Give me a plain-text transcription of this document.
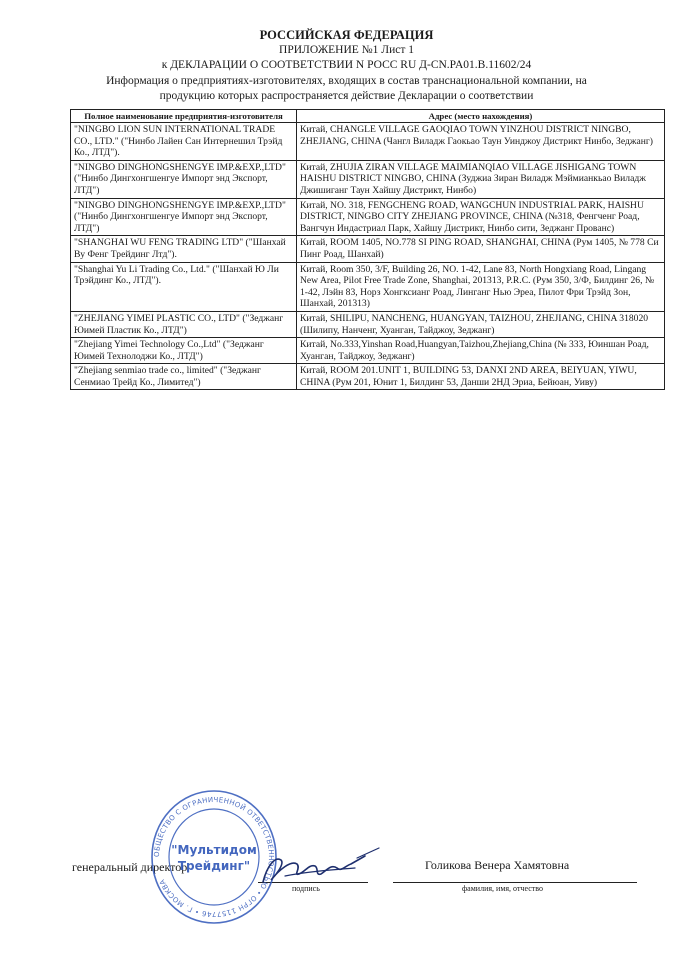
РОССИЙСКАЯ ФЕДЕРАЦИЯ
ПРИЛОЖЕНИЕ №1 Лист 1
к ДЕКЛАРАЦИИ О СООТВЕТСТВИИ N РОСС RU Д-CN.PA01.B.11602/24
Информация о предприятиях-изготовителях, входящих в состав транснациональной компании, на
продукцию которых распространяется действие Декларации о соответствии
Полное наименование предприятия-изготовителя	Адрес (место нахождения)
"NINGBO LION SUN INTERNATIONAL TRADE CO., LTD." ("Нинбо Лайен Сан Интернешил Трэйд Ко., ЛТД").	Китай, CHANGLE VILLAGE GAOQIAO TOWN YINZHOU DISTRICT NINGBO, ZHEJIANG, CHINA (Чангл Виладж Гаокьао Таун Уинджоу Дистрикт Нинбо, Зеджанг)
"NINGBO DINGHONGSHENGYE IMP.&EXP.,LTD" ("Нинбо Дингхонгшенгуе Импорт энд Экспорт, ЛТД")	Китай, ZHUJIA ZIRAN VILLAGE MAIMIANQIAO VILLAGE JISHIGANG TOWN HAISHU DISTRICT NINGBO, CHINA (Зуджиа Зиран Виладж Мэймианкьао Виладж Джишиганг Таун Хайшу Дистрикт, Нинбо)
"NINGBO DINGHONGSHENGYE IMP.&EXP.,LTD" ("Нинбо Дингхонгшенгуе Импорт энд Экспорт, ЛТД")	Китай, NO. 318, FENGCHENG ROAD, WANGCHUN INDUSTRIAL PARK, HAISHU DISTRICT, NINGBO CITY ZHEJIANG PROVINCE, CHINA (№318, Фенгченг Роад, Вангчун Индастриал Парк, Хайшу Дистрикт, Нинбо сити, Зеджанг Прованс)
"SHANGHAI WU FENG TRADING LTD" ("Шанхай Ву Фенг Трейдинг Лтд").	Китай, ROOM 1405, NO.778 SI PING ROAD, SHANGHAI, CHINA (Рум 1405, № 778 Си Пинг Роад, Шанхай)
"Shanghai Yu Li Trading Co., Ltd." ("Шанхай Ю Ли Трэйдинг Ко., ЛТД").	Китай, Room 350, 3/F, Building 26, NO. 1-42, Lane 83, North Hongxiang Road, Lingang New Area, Pilot Free Trade Zone, Shanghai, 201313, P.R.C. (Рум 350, 3/Ф, Билдинг 26, № 1-42, Лэйн 83, Норз Хонгксианг Роад, Линганг Нью Эреа, Пилот Фри Трэйд Зон, Шанхай, 201313)
"ZHEJIANG YIMEI PLASTIC CO., LTD" ("Зеджанг Юимей Пластик Ко., ЛТД")	Китай, SHILIPU, NANCHENG, HUANGYAN, TAIZHOU, ZHEJIANG, CHINA 318020 (Шилипу, Нанченг, Хуанган, Тайджоу, Зеджанг)
"Zhejiang Yimei Technology Co.,Ltd" ("Зеджанг Юимей Технолоджи Ко., ЛТД")	Китай, No.333,Yinshan Road,Huangyan,Taizhou,Zhejiang,China (№ 333, Юиншан Роад, Хуанган, Тайджоу, Зеджанг)
"Zhejiang senmiao trade co., limited" ("Зеджанг Сенмиао Трейд Ко., Лимитед")	Китай, ROOM 201.UNIT 1, BUILDING 53, DANXI 2ND AREA, BEIYUAN, YIWU, CHINA (Рум 201, Юнит 1, Билдинг 53, Данши 2НД Эриа, Бейюан, Уиву)
генеральный директор
подпись
Голикова Венера Хамятовна
фамилия, имя, отчество
ОБЩЕСТВО С ОГРАНИЧЕННОЙ ОТВЕТСТВЕННОСТЬЮ • ОГРН 1157746 • Г. МОСКВА
"Мультидом
Трейдинг"
